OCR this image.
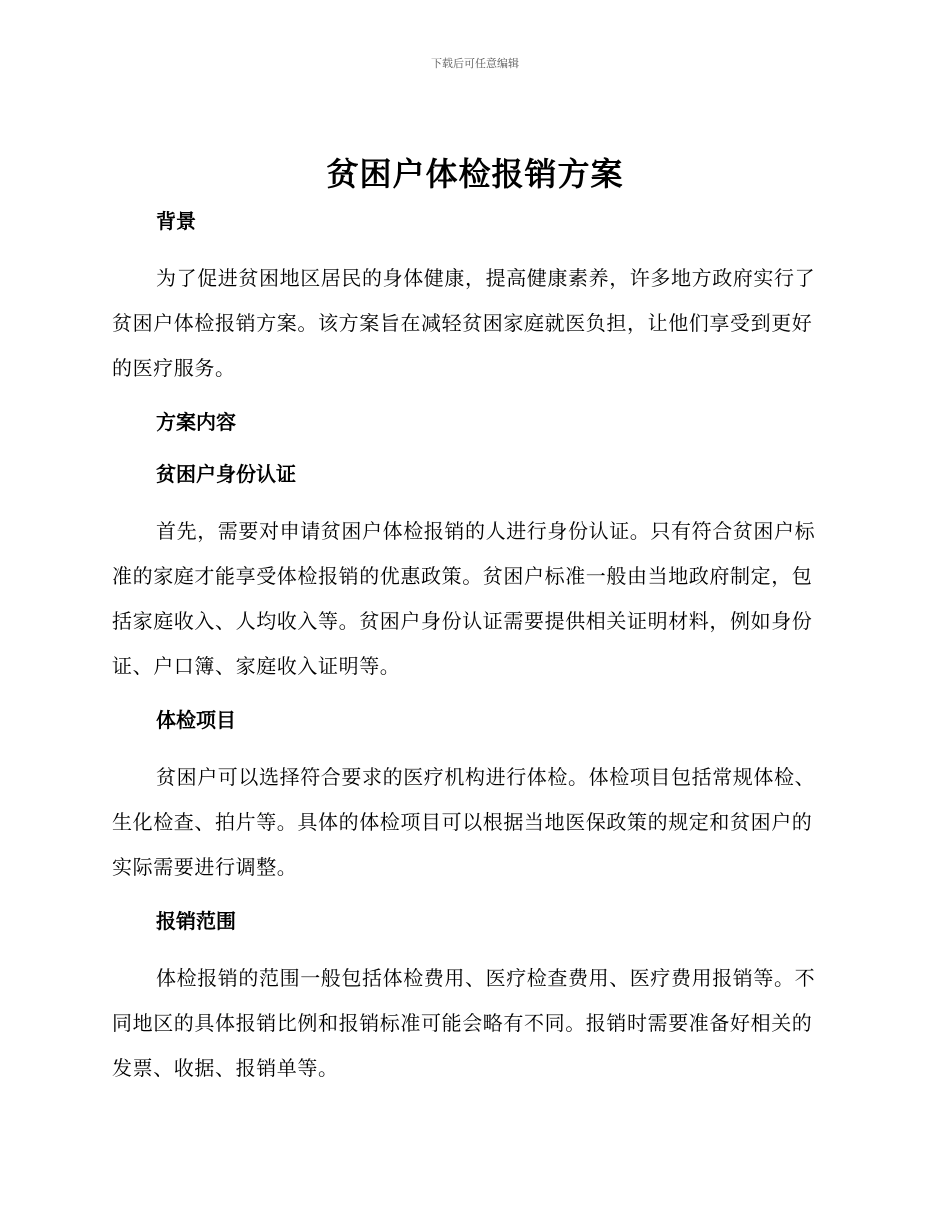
下载后可任意编辑
贫困户体检报销方案
背景

为了促进贫困地区居民的身体健康，提高健康素养，许多地方政府实行了贫困户体检报销方案。该方案旨在减轻贫困家庭就医负担，让他们享受到更好的医疗服务。

方案内容
贫困户身份认证

首先，需要对申请贫困户体检报销的人进行身份认证。只有符合贫困户标准的家庭才能享受体检报销的优惠政策。贫困户标准一般由当地政府制定，包括家庭收入、人均收入等。贫困户身份认证需要提供相关证明材料，例如身份证、户口簿、家庭收入证明等。

体检项目

贫困户可以选择符合要求的医疗机构进行体检。体检项目包括常规体检、生化检查、拍片等。具体的体检项目可以根据当地医保政策的规定和贫困户的实际需要进行调整。

报销范围

体检报销的范围一般包括体检费用、医疗检查费用、医疗费用报销等。不同地区的具体报销比例和报销标准可能会略有不同。报销时需要准备好相关的发票、收据、报销单等。
